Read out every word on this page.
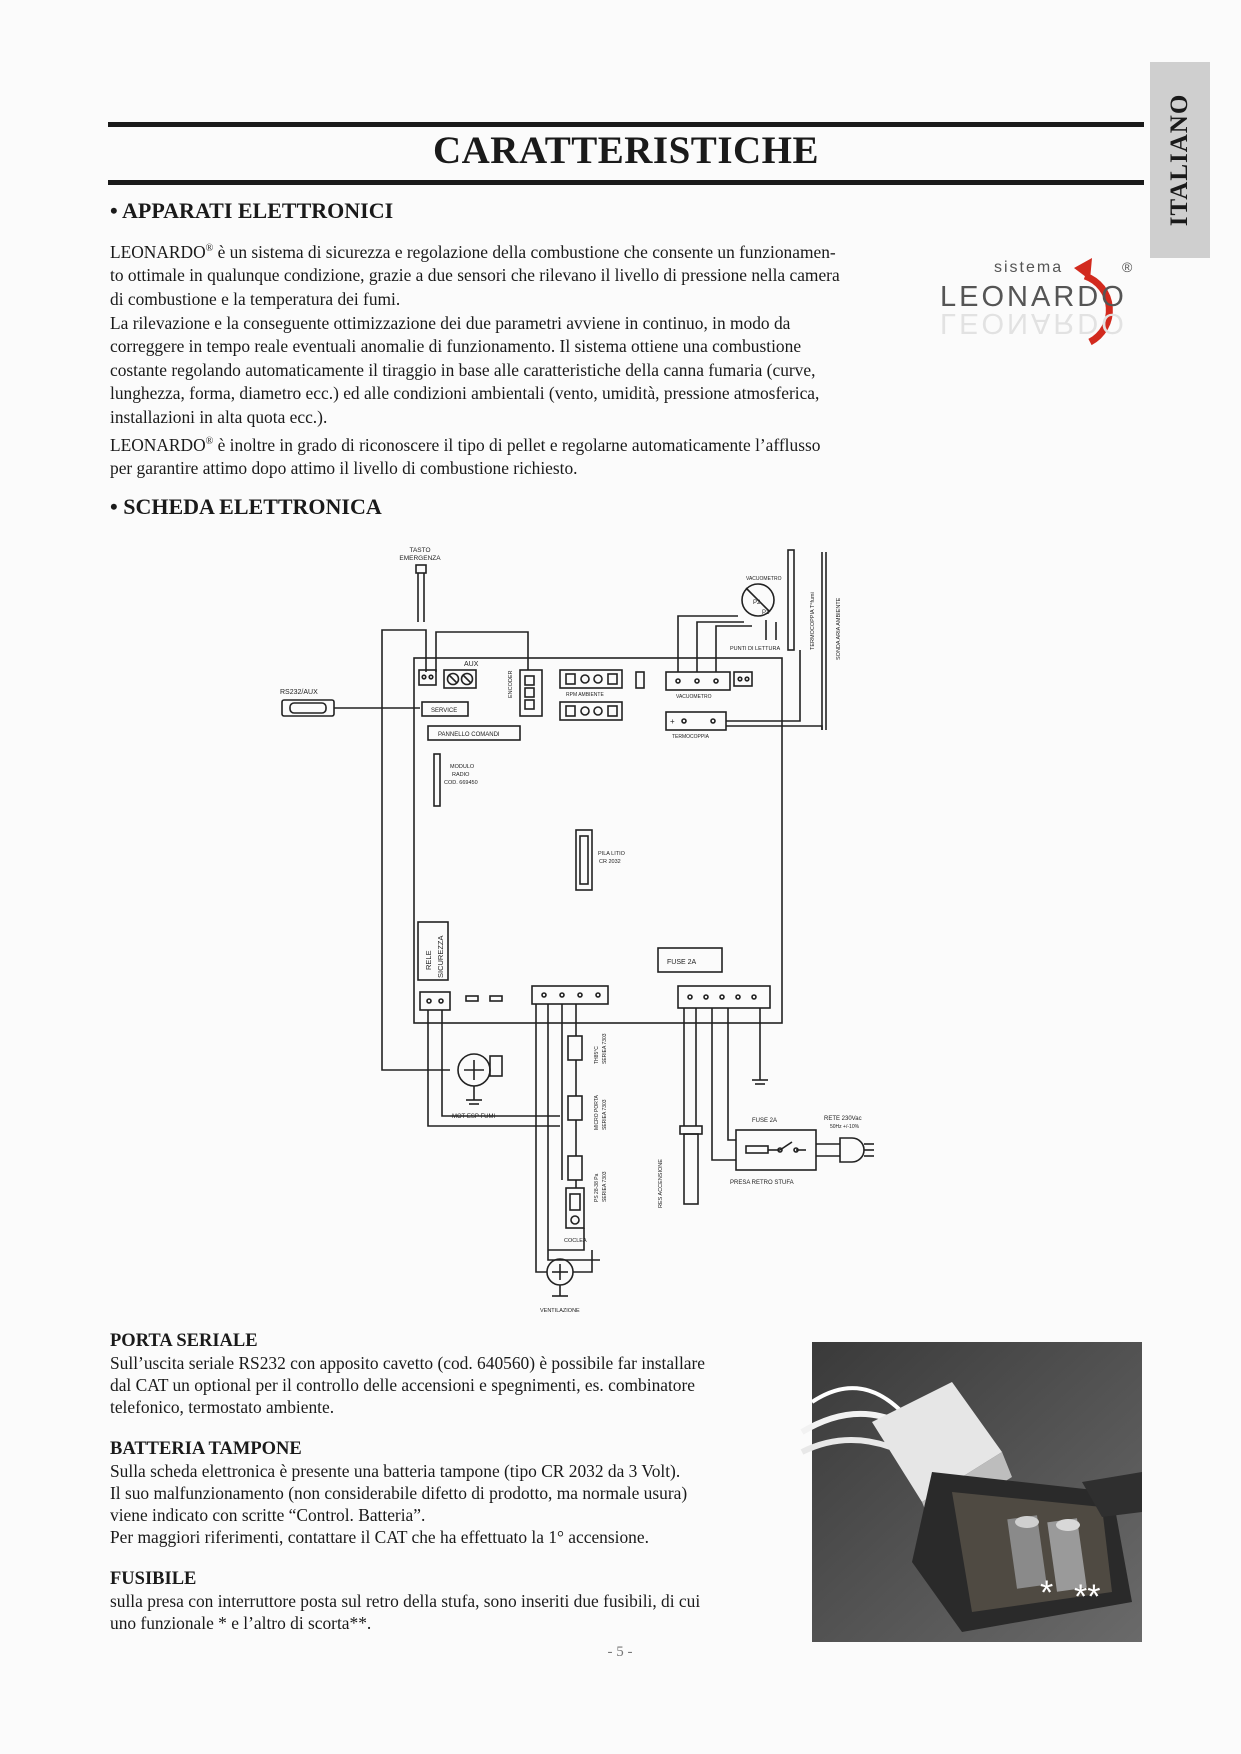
ITALIANO
CARATTERISTICHE
• APPARATI ELETTRONICI
LEONARDO® è un sistema di sicurezza e regolazione della combustione che consente un funzionamen-
to ottimale in qualunque condizione, grazie a due sensori che rilevano il livello di pressione nella camera
di combustione e la temperatura dei fumi.
La rilevazione e la conseguente ottimizzazione dei due parametri avviene in continuo, in modo da
correggere in tempo reale eventuali anomalie di funzionamento. Il sistema ottiene una combustione
costante regolando automaticamente il tiraggio in base alle caratteristiche della canna fumaria (curve,
lunghezza, forma, diametro ecc.) ed alle condizioni ambientali (vento, umidità, pressione atmosferica,
installazioni in alta quota ecc.).
LEONARDO® è inoltre in grado di riconoscere il tipo di pellet e regolarne automaticamente l’afflusso
per garantire attimo dopo attimo il livello di combustione richiesto.
sistema	®
LEONARDO
LEONARDO
• SCHEDA ELETTRONICA
TASTO
EMERGENZA
AUX
ENCODER
RS232/AUX
SERVICE
PANNELLO COMANDI
MODULO
RADIO
COD. 669450
RPM AMBIENTE	VACUOMETRO
+
TERMOCOPPIA
P2
P1
VACUOMETRO
PUNTI DI LETTURA	TERMOCOPPIA T°fumi	SONDA ARIA AMBIENTE
PILA LITIO
CR 2032
RELE SICUREZZA	FUSE 2A
MOT ESP FUMI
TH85°C SERIEA 7303
MICRO PORTA SERIEA 7303
PS 28-38 Pa SERIEA 7303
COCLEA
VENTILAZIONE
RES ACCENSIONE
FUSE 2A
PRESA RETRO STUFA
RETE 230Vac
50Hz +/-10%
PORTA SERIALE

Sull’uscita seriale RS232 con apposito cavetto (cod. 640560) è possibile far installare

dal CAT un optional per il controllo delle accensioni e spegnimenti, es. combinatore

telefonico, termostato ambiente.

BATTERIA TAMPONE

Sulla scheda elettronica è presente una batteria tampone (tipo CR 2032 da 3 Volt).

Il suo malfunzionamento (non considerabile difetto di prodotto, ma normale usura)

viene indicato con scritte “Control. Batteria”.

Per maggiori riferimenti, contattare il CAT che ha effettuato la 1° accensione.

FUSIBILE

sulla presa con interruttore posta sul retro della stufa, sono inseriti due fusibili, di cui

uno funzionale * e l’altro di scorta**.

* **
- 5 -
